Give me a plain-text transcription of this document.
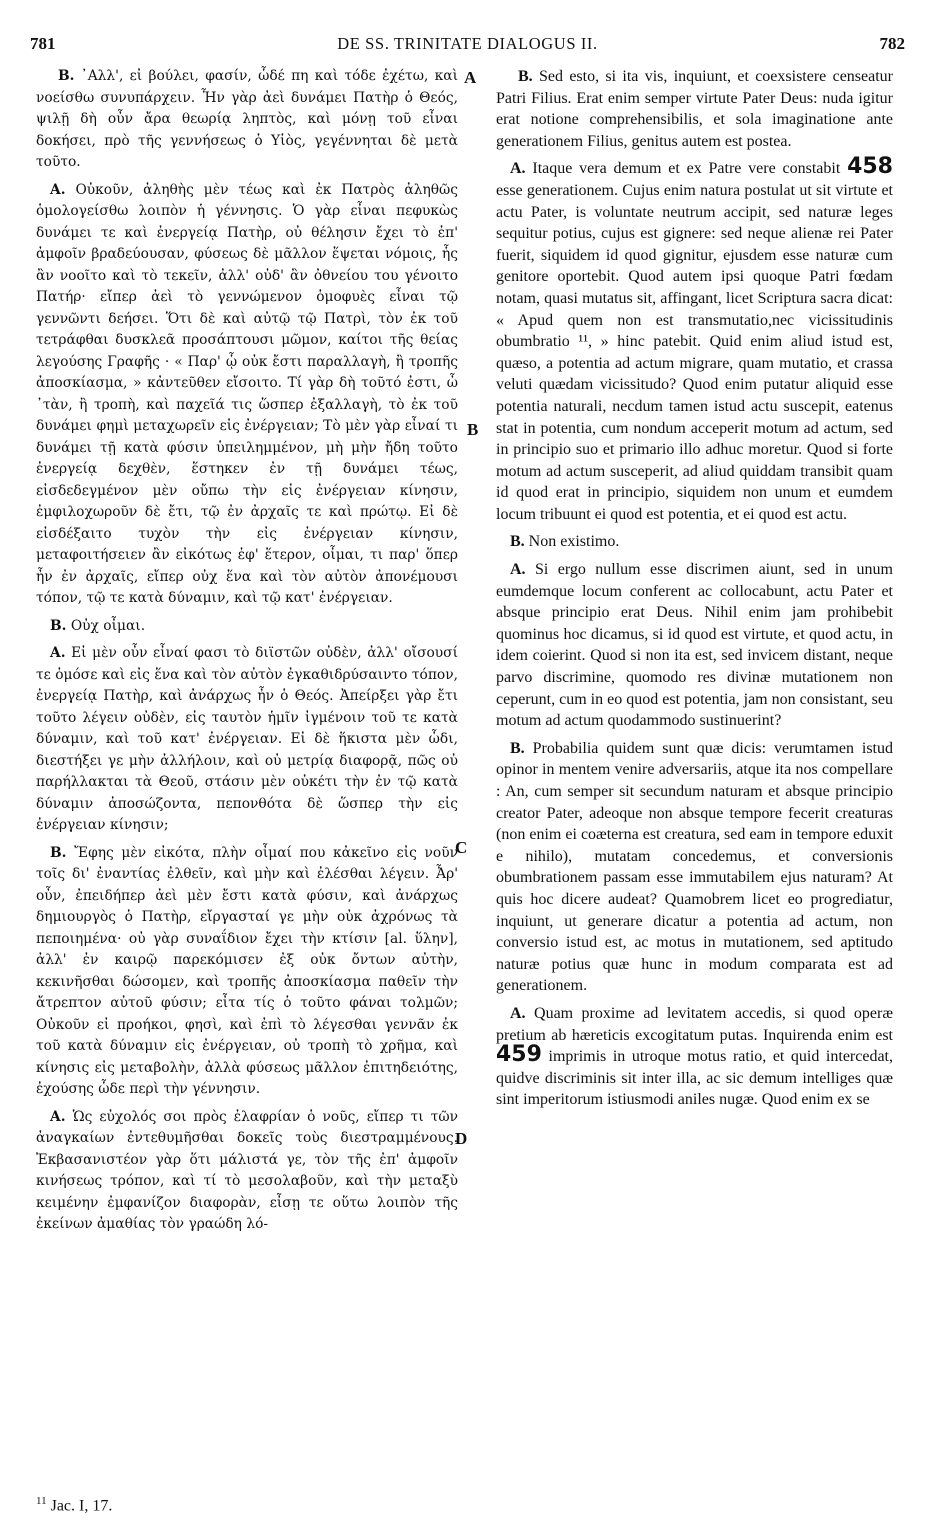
781	DE SS. TRINITATE DIALOGUS II.	782
A
B
C
D

B. ᾿Αλλ', εἰ βούλει, φασίν, ὧδέ πη καὶ τόδε ἐχέτω, καὶ νοείσθω συνυπάρχειν. Ἦν γὰρ ἀεὶ δυνάμει Πατὴρ ὁ Θεός, ψιλῇ δὴ οὖν ἄρα θεωρίᾳ ληπτὸς, καὶ μόνῃ τοῦ εἶναι δοκήσει, πρὸ τῆς γεννήσεως ὁ Υἱὸς, γεγέννηται δὲ μετὰ τοῦτο.

A. Οὐκοῦν, ἀληθὴς μὲν τέως καὶ ἐκ Πατρὸς ἀληθῶς ὁμολογείσθω λοιπὸν ἡ γέννησις. Ὁ γὰρ εἶναι πεφυκὼς δυνάμει τε καὶ ἐνεργείᾳ Πατὴρ, οὐ θέλησιν ἔχει τὸ ἐπ' ἀμφοῖν βραδεύουσαν, φύσεως δὲ μᾶλλον ἕψεται νόμοις, ἧς ἂν νοοῖτο καὶ τὸ τεκεῖν, ἀλλ' οὐδ' ἂν ὀθνείου του γένοιτο Πατήρ· εἴπερ ἀεὶ τὸ γεννώμενον ὁμοφυὲς εἶναι τῷ γεννῶντι δεήσει. Ὅτι δὲ καὶ αὐτῷ τῷ Πατρὶ, τὸν ἐκ τοῦ τετράφθαι δυσκλεᾶ προσάπτουσι μῶμον, καίτοι τῆς θείας λεγούσης Γραφῆς · « Παρ' ᾧ οὐκ ἔστι παραλλαγὴ, ἢ τροπῆς ἀποσκίασμα, » κἀντεῦθεν εἴσοιτο. Τί γὰρ δὴ τοῦτό ἐστι, ὦ ᾿τὰν, ἢ τροπὴ, καὶ παχεῖά τις ὥσπερ ἐξαλλαγὴ, τὸ ἐκ τοῦ δυνάμει φημὶ μεταχωρεῖν εἰς ἐνέργειαν; Τὸ μὲν γὰρ εἶναί τι δυνάμει τῇ κατὰ φύσιν ὑπειλημμένον, μὴ μὴν ἤδη τοῦτο ἐνεργείᾳ δεχθὲν, ἕστηκεν ἐν τῇ δυνάμει τέως, εἰσδεδεγμένον μὲν οὔπω τὴν εἰς ἐνέργειαν κίνησιν, ἐμφιλοχωροῦν δὲ ἔτι, τῷ ἐν ἀρχαῖς τε καὶ πρώτῳ. Εἰ δὲ εἰσδέξαιτο τυχὸν τὴν εἰς ἐνέργειαν κίνησιν, μεταφοιτήσειεν ἂν εἰκότως ἐφ' ἕτερον, οἶμαι, τι παρ' ὅπερ ἦν ἐν ἀρχαῖς, εἴπερ οὐχ ἕνα καὶ τὸν αὐτὸν ἀπονέμουσι τόπον, τῷ τε κατὰ δύναμιν, καὶ τῷ κατ' ἐνέργειαν.

B. Οὐχ οἶμαι.

A. Εἰ μὲν οὖν εἶναί φασι τὸ διϊστῶν οὐδὲν, ἀλλ' οἴσουσί τε ὁμόσε καὶ εἰς ἕνα καὶ τὸν αὐτὸν ἐγκαθιδρύσαιντο τόπον, ἐνεργείᾳ Πατὴρ, καὶ ἀνάρχως ἦν ὁ Θεός. Ἀπείρξει γὰρ ἔτι τοῦτο λέγειν οὐδὲν, εἰς ταυτὸν ἡμῖν ἰγμένοιν τοῦ τε κατὰ δύναμιν, καὶ τοῦ κατ' ἐνέργειαν. Εἰ δὲ ἥκιστα μὲν ὧδι, διεστήξει γε μὴν ἀλλήλοιν, καὶ οὐ μετρίᾳ διαφορᾷ, πῶς οὐ παρήλλακται τὰ Θεοῦ, στάσιν μὲν οὐκέτι τὴν ἐν τῷ κατὰ δύναμιν ἀποσώζοντα, πεπονθότα δὲ ὥσπερ τὴν εἰς ἐνέργειαν κίνησιν;

B. Ἔφης μὲν εἰκότα, πλὴν οἶμαί που κἀκεῖνο εἰς νοῦν τοῖς δι' ἐναντίας ἐλθεῖν, καὶ μὴν καὶ ἐλέσθαι λέγειν. Ἆρ' οὖν, ἐπειδήπερ ἀεὶ μὲν ἔστι κατὰ φύσιν, καὶ ἀνάρχως δημιουργὸς ὁ Πατὴρ, εἴργασταί γε μὴν οὐκ ἀχρόνως τὰ πεποιημένα· οὐ γὰρ συναΐδιον ἔχει τὴν κτίσιν [al. ὕλην], ἀλλ' ἐν καιρῷ παρεκόμισεν ἐξ οὐκ ὄντων αὐτὴν, κεκινῆσθαι δώσομεν, καὶ τροπῆς ἀποσκίασμα παθεῖν τὴν ἄτρεπτον αὐτοῦ φύσιν; εἶτα τίς ὁ τοῦτο φάναι τολμῶν; Οὐκοῦν εἰ προήκοι, φησὶ, καὶ ἐπὶ τὸ λέγεσθαι γεννᾶν ἐκ τοῦ κατὰ δύναμιν εἰς ἐνέργειαν, οὐ τροπὴ τὸ χρῆμα, καὶ κίνησις εἰς μεταβολὴν, ἀλλὰ φύσεως μᾶλλον ἐπιτηδειότης, ἐχούσης ὧδε περὶ τὴν γέννησιν.

A. Ὡς εὐχολός σοι πρὸς ἐλαφρίαν ὁ νοῦς, εἴπερ τι τῶν ἀναγκαίων ἐντεθυμῆσθαι δοκεῖς τοὺς διεστραμμένους. Ἐκβασανιστέον γὰρ ὅτι μάλιστά γε, τὸν τῆς ἐπ' ἀμφοῖν κινήσεως τρόπον, καὶ τί τὸ μεσολαβοῦν, καὶ τὴν μεταξὺ κειμένην ἐμφανίζον διαφορὰν, εἶσῃ τε οὕτω λοιπὸν τῆς ἐκείνων ἀμαθίας τὸν γραώδη λό-

B. Sed esto, si ita vis, inquiunt, et coexsistere censeatur Patri Filius. Erat enim semper virtute Pater Deus: nuda igitur erat notione comprehensibilis, et sola imaginatione ante generationem Filius, genitus autem est postea.

A. Itaque vera demum et ex Patre vere constabit 458 esse generationem. Cujus enim natura postulat ut sit virtute et actu Pater, is voluntate neutrum accipit, sed naturæ leges sequitur potius, cujus est gignere: sed neque alienæ rei Pater fuerit, siquidem id quod gignitur, ejusdem esse naturæ cum genitore oportebit. Quod autem ipsi quoque Patri fœdam notam, quasi mutatus sit, affingant, licet Scriptura sacra dicat: « Apud quem non est transmutatio,nec vicissitudinis obumbratio ¹¹, » hinc patebit. Quid enim aliud istud est, quæso, a potentia ad actum migrare, quam mutatio, et crassa veluti quædam vicissitudo? Quod enim putatur aliquid esse potentia naturali, necdum tamen istud actu suscepit, eatenus stat in potentia, cum nondum acceperit motum ad actum, sed in principio suo et primario illo adhuc moretur. Quod si forte motum ad actum susceperit, ad aliud quiddam transibit quam id quod erat in principio, siquidem non unum et eumdem locum tribuunt ei quod est potentia, et ei quod est actu.

B. Non existimo.

A. Si ergo nullum esse discrimen aiunt, sed in unum eumdemque locum conferent ac collocabunt, actu Pater et absque principio erat Deus. Nihil enim jam prohibebit quominus hoc dicamus, si id quod est virtute, et quod actu, in idem coierint. Quod si non ita est, sed invicem distant, neque parvo discrimine, quomodo res divinæ mutationem non ceperunt, cum in eo quod est potentia, jam non consistant, seu motum ad actum quodammodo sustinuerint?

B. Probabilia quidem sunt quæ dicis: verumtamen istud opinor in mentem venire adversariis, atque ita nos compellare : An, cum semper sit secundum naturam et absque principio creator Pater, adeoque non absque tempore fecerit creaturas (non enim ei coæterna est creatura, sed eam in tempore eduxit e nihilo), mutatam concedemus, et conversionis obumbrationem passam esse immutabilem ejus naturam? At quis hoc dicere audeat? Quamobrem licet eo progrediatur, inquiunt, ut generare dicatur a potentia ad actum, non conversio istud est, ac motus in mutationem, sed aptitudo naturæ potius quæ hunc in modum comparata est ad generationem.

A. Quam proxime ad levitatem accedis, si quod operæ pretium ab hæreticis excogitatum putas. Inquirenda enim est 459 imprimis in utroque motus ratio, et quid intercedat, quidve discriminis sit inter illa, ac sic demum intelliges quæ sint imperitorum istiusmodi aniles nugæ. Quod enim ex se

$^{11}$ Jac. I, 17.
